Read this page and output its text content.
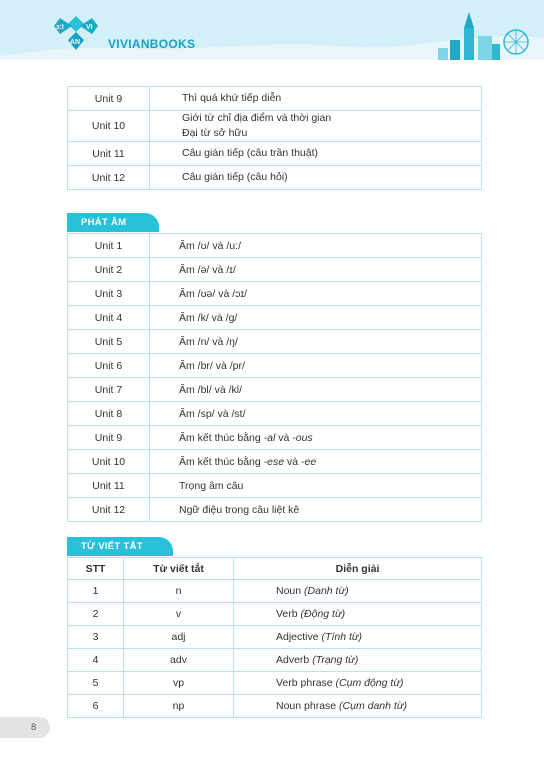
ɜ:I	VI
AN VIVIANBOOKS
Unit 9	Thì quá khứ tiếp diễn

Unit 10	Giới từ chỉ địa điểm và thời gian
Đại từ sở hữu

Unit 11	Câu gián tiếp (câu trần thuật)

Unit 12	Câu gián tiếp (câu hỏi)
PHÁT ÂM
Unit 1	Âm /ʊ/ và /u:/
Unit 2	Âm /ə/ và /ɪ/
Unit 3	Âm /ʊə/ và /ɔɪ/
Unit 4	Âm /k/ và /g/
Unit 5	Âm /n/ và /ŋ/
Unit 6	Âm /br/ và /pr/
Unit 7	Âm /bl/ và /kl/
Unit 8	Âm /sp/ và /st/
Unit 9	Âm kết thúc bằng -al và -ous
Unit 10	Âm kết thúc bằng -ese và -ee
Unit 11	Trọng âm câu
Unit 12	Ngữ điệu trong câu liệt kê
TỪ VIẾT TẮT
STT	Từ viết tắt	Diễn giải
1	n	Noun (Danh từ)
2	v	Verb (Động từ)
3	adj	Adjective (Tính từ)
4	adv	Adverb (Trạng từ)
5	vp	Verb phrase (Cụm động từ)
6	np	Noun phrase (Cụm danh từ)
8
